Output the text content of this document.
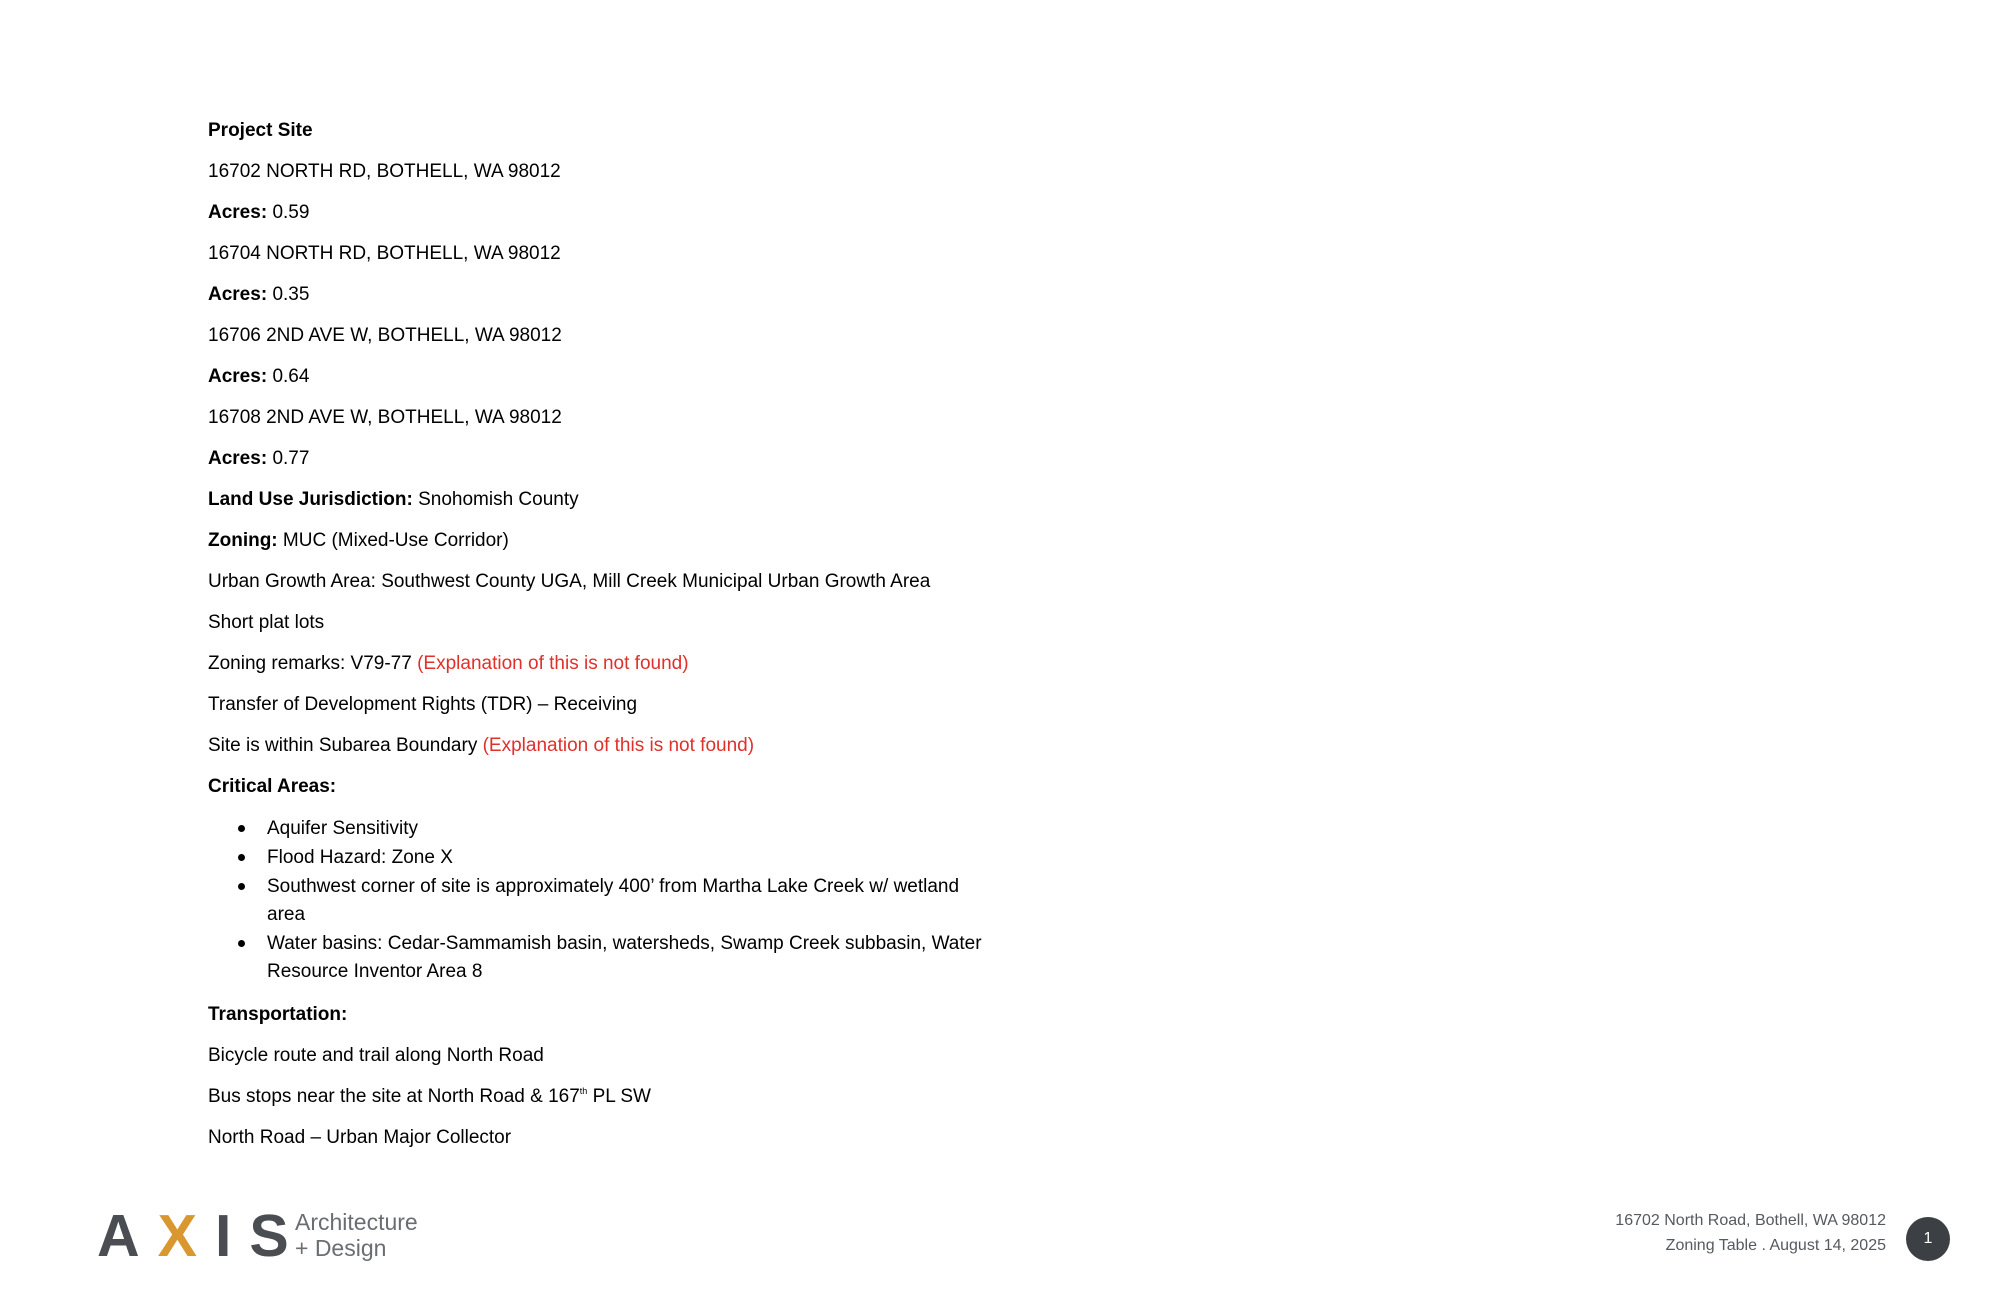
Project Site
16702 NORTH RD, BOTHELL, WA 98012
Acres: 0.59
16704 NORTH RD, BOTHELL, WA 98012
Acres: 0.35
16706 2ND AVE W, BOTHELL, WA 98012
Acres: 0.64
16708 2ND AVE W, BOTHELL, WA 98012
Acres: 0.77
Land Use Jurisdiction: Snohomish County
Zoning: MUC (Mixed-Use Corridor)
Urban Growth Area: Southwest County UGA, Mill Creek Municipal Urban Growth Area
Short plat lots
Zoning remarks: V79-77 (Explanation of this is not found)
Transfer of Development Rights (TDR) – Receiving
Site is within Subarea Boundary (Explanation of this is not found)
Critical Areas:
Aquifer Sensitivity
Flood Hazard: Zone X
Southwest corner of site is approximately 400’ from Martha Lake Creek w/ wetland area
Water basins: Cedar-Sammamish basin, watersheds, Swamp Creek subbasin, Water Resource Inventor Area 8
Transportation:
Bicycle route and trail along North Road
Bus stops near the site at North Road & 167th PL SW
North Road – Urban Major Collector
AXIS
Architecture
+ Design
16702 North Road, Bothell, WA 98012
Zoning Table . August 14, 2025 1
